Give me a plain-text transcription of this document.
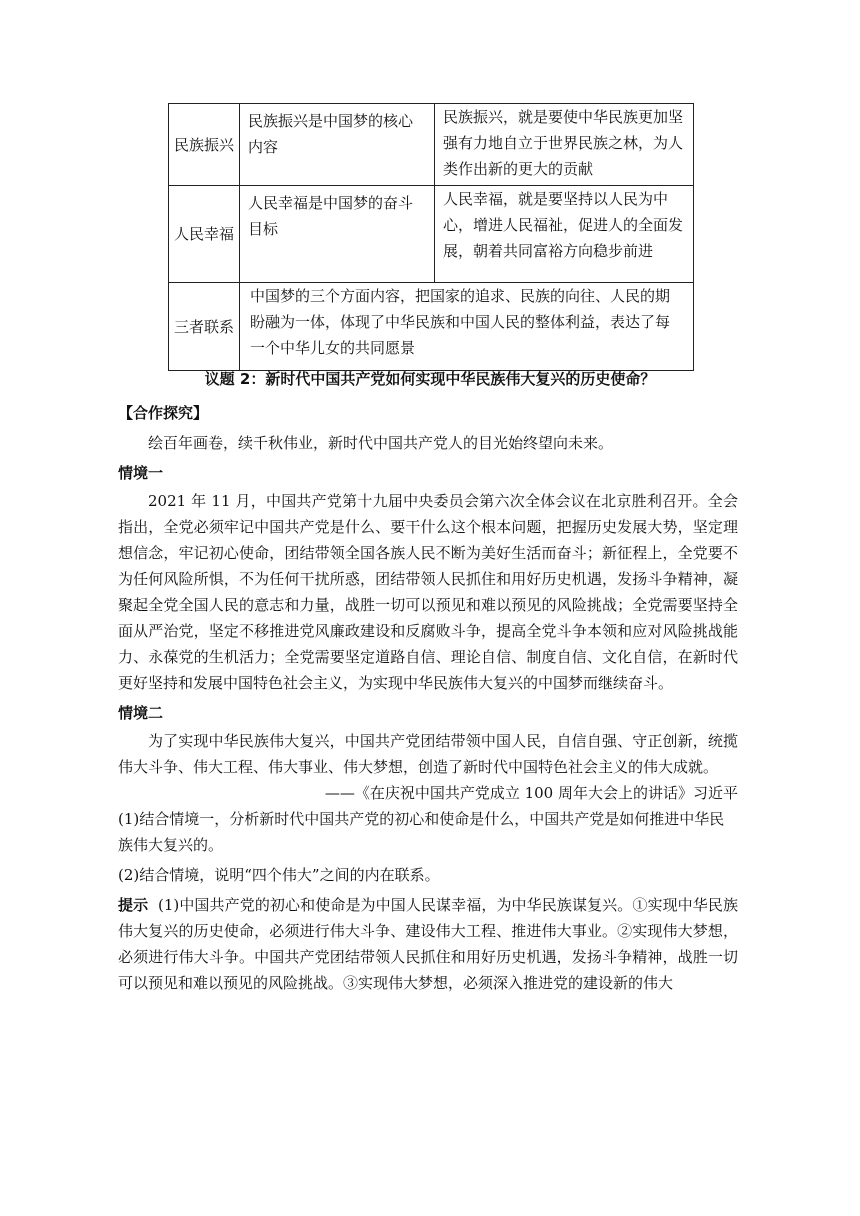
民族振兴	民族振兴是中国梦的核心内容	民族振兴，就是要使中华民族更加坚强有力地自立于世界民族之林，为人类作出新的更大的贡献
人民幸福	人民幸福是中国梦的奋斗目标	人民幸福，就是要坚持以人民为中心，增进人民福祉，促进人的全面发展，朝着共同富裕方向稳步前进
三者联系	中国梦的三个方面内容，把国家的追求、民族的向往、人民的期盼融为一体，体现了中华民族和中国人民的整体利益，表达了每一个中华儿女的共同愿景	
议题 2：新时代中国共产党如何实现中华民族伟大复兴的历史使命？

【合作探究】

绘百年画卷，续千秋伟业，新时代中国共产党人的目光始终望向未来。

情境一

2021 年 11 月，中国共产党第十九届中央委员会第六次全体会议在北京胜利召开。全会指出，全党必须牢记中国共产党是什么、要干什么这个根本问题，把握历史发展大势，坚定理想信念，牢记初心使命，团结带领全国各族人民不断为美好生活而奋斗；新征程上，全党要不为任何风险所惧，不为任何干扰所惑，团结带领人民抓住和用好历史机遇，发扬斗争精神，凝聚起全党全国人民的意志和力量，战胜一切可以预见和难以预见的风险挑战；全党需要坚持全面从严治党，坚定不移推进党风廉政建设和反腐败斗争，提高全党斗争本领和应对风险挑战能力、永葆党的生机活力；全党需要坚定道路自信、理论自信、制度自信、文化自信，在新时代更好坚持和发展中国特色社会主义，为实现中华民族伟大复兴的中国梦而继续奋斗。

情境二

为了实现中华民族伟大复兴，中国共产党团结带领中国人民，自信自强、守正创新，统揽伟大斗争、伟大工程、伟大事业、伟大梦想，创造了新时代中国特色社会主义的伟大成就。

——《在庆祝中国共产党成立 100 周年大会上的讲话》习近平

(1)结合情境一，分析新时代中国共产党的初心和使命是什么，中国共产党是如何推进中华民族伟大复兴的。

(2)结合情境，说明“四个伟大”之间的内在联系。

提示 (1)中国共产党的初心和使命是为中国人民谋幸福，为中华民族谋复兴。①实现中华民族伟大复兴的历史使命，必须进行伟大斗争、建设伟大工程、推进伟大事业。②实现伟大梦想，必须进行伟大斗争。中国共产党团结带领人民抓住和用好历史机遇，发扬斗争精神，战胜一切可以预见和难以预见的风险挑战。③实现伟大梦想，必须深入推进党的建设新的伟大
